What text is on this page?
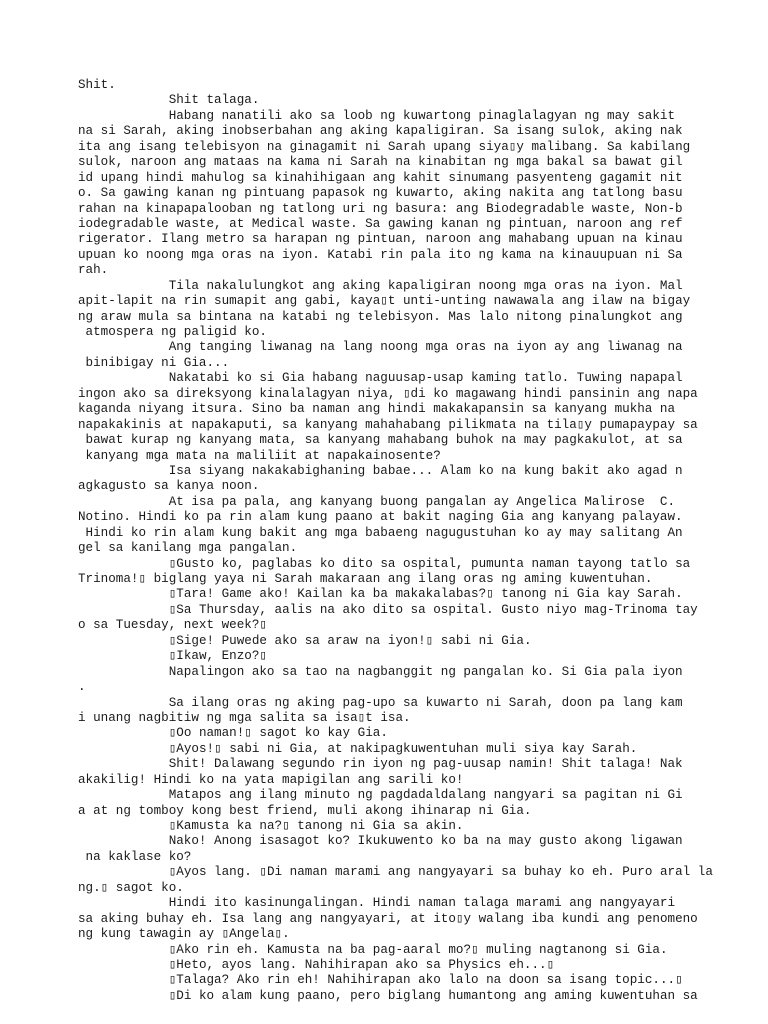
Shit.
Shit talaga.
Habang nanatili ako sa loob ng kuwartong pinaglalagyan ng may sakit
na si Sarah, aking inobserbahan ang aking kapaligiran. Sa isang sulok, aking nak
ita ang isang telebisyon na ginagamit ni Sarah upang siya▯y malibang. Sa kabilang
sulok, naroon ang mataas na kama ni Sarah na kinabitan ng mga bakal sa bawat gil
id upang hindi mahulog sa kinahihigaan ang kahit sinumang pasyenteng gagamit nit
o. Sa gawing kanan ng pintuang papasok ng kuwarto, aking nakita ang tatlong basu
rahan na kinapapalooban ng tatlong uri ng basura: ang Biodegradable waste, Non-b
iodegradable waste, at Medical waste. Sa gawing kanan ng pintuan, naroon ang ref
rigerator. Ilang metro sa harapan ng pintuan, naroon ang mahabang upuan na kinau
upuan ko noong mga oras na iyon. Katabi rin pala ito ng kama na kinauupuan ni Sa
rah.
Tila nakalulungkot ang aking kapaligiran noong mga oras na iyon. Mal
apit-lapit na rin sumapit ang gabi, kaya▯t unti-unting nawawala ang ilaw na bigay
ng araw mula sa bintana na katabi ng telebisyon. Mas lalo nitong pinalungkot ang
atmospera ng paligid ko.
Ang tanging liwanag na lang noong mga oras na iyon ay ang liwanag na
binibigay ni Gia...
Nakatabi ko si Gia habang naguusap-usap kaming tatlo. Tuwing napapal
ingon ako sa direksyong kinalalagyan niya, ▯di ko magawang hindi pansinin ang napa
kaganda niyang itsura. Sino ba naman ang hindi makakapansin sa kanyang mukha na
napakakinis at napakaputi, sa kanyang mahahabang pilikmata na tila▯y pumapaypay sa
bawat kurap ng kanyang mata, sa kanyang mahabang buhok na may pagkakulot, at sa
kanyang mga mata na maliliit at napakainosente?
Isa siyang nakakabighaning babae... Alam ko na kung bakit ako agad n
agkagusto sa kanya noon.
At isa pa pala, ang kanyang buong pangalan ay Angelica Malirose  C.
Notino. Hindi ko pa rin alam kung paano at bakit naging Gia ang kanyang palayaw.
Hindi ko rin alam kung bakit ang mga babaeng nagugustuhan ko ay may salitang An
gel sa kanilang mga pangalan.
▯Gusto ko, paglabas ko dito sa ospital, pumunta naman tayong tatlo sa
Trinoma!▯ biglang yaya ni Sarah makaraan ang ilang oras ng aming kuwentuhan.
▯Tara! Game ako! Kailan ka ba makakalabas?▯ tanong ni Gia kay Sarah.
▯Sa Thursday, aalis na ako dito sa ospital. Gusto niyo mag-Trinoma tay
o sa Tuesday, next week?▯
▯Sige! Puwede ako sa araw na iyon!▯ sabi ni Gia.
▯Ikaw, Enzo?▯
Napalingon ako sa tao na nagbanggit ng pangalan ko. Si Gia pala iyon
.
Sa ilang oras ng aking pag-upo sa kuwarto ni Sarah, doon pa lang kam
i unang nagbitiw ng mga salita sa isa▯t isa.
▯Oo naman!▯ sagot ko kay Gia.
▯Ayos!▯ sabi ni Gia, at nakipagkuwentuhan muli siya kay Sarah.
Shit! Dalawang segundo rin iyon ng pag-uusap namin! Shit talaga! Nak
akakilig! Hindi ko na yata mapigilan ang sarili ko!
Matapos ang ilang minuto ng pagdadaldalang nangyari sa pagitan ni Gi
a at ng tomboy kong best friend, muli akong ihinarap ni Gia.
▯Kamusta ka na?▯ tanong ni Gia sa akin.
Nako! Anong isasagot ko? Ikukuwento ko ba na may gusto akong ligawan
na kaklase ko?
▯Ayos lang. ▯Di naman marami ang nangyayari sa buhay ko eh. Puro aral la
ng.▯ sagot ko.
Hindi ito kasinungalingan. Hindi naman talaga marami ang nangyayari
sa aking buhay eh. Isa lang ang nangyayari, at ito▯y walang iba kundi ang penomeno
ng kung tawagin ay ▯Angela▯.
▯Ako rin eh. Kamusta na ba pag-aaral mo?▯ muling nagtanong si Gia.
▯Heto, ayos lang. Nahihirapan ako sa Physics eh...▯
▯Talaga? Ako rin eh! Nahihirapan ako lalo na doon sa isang topic...▯
▯Di ko alam kung paano, pero biglang humantong ang aming kuwentuhan sa
